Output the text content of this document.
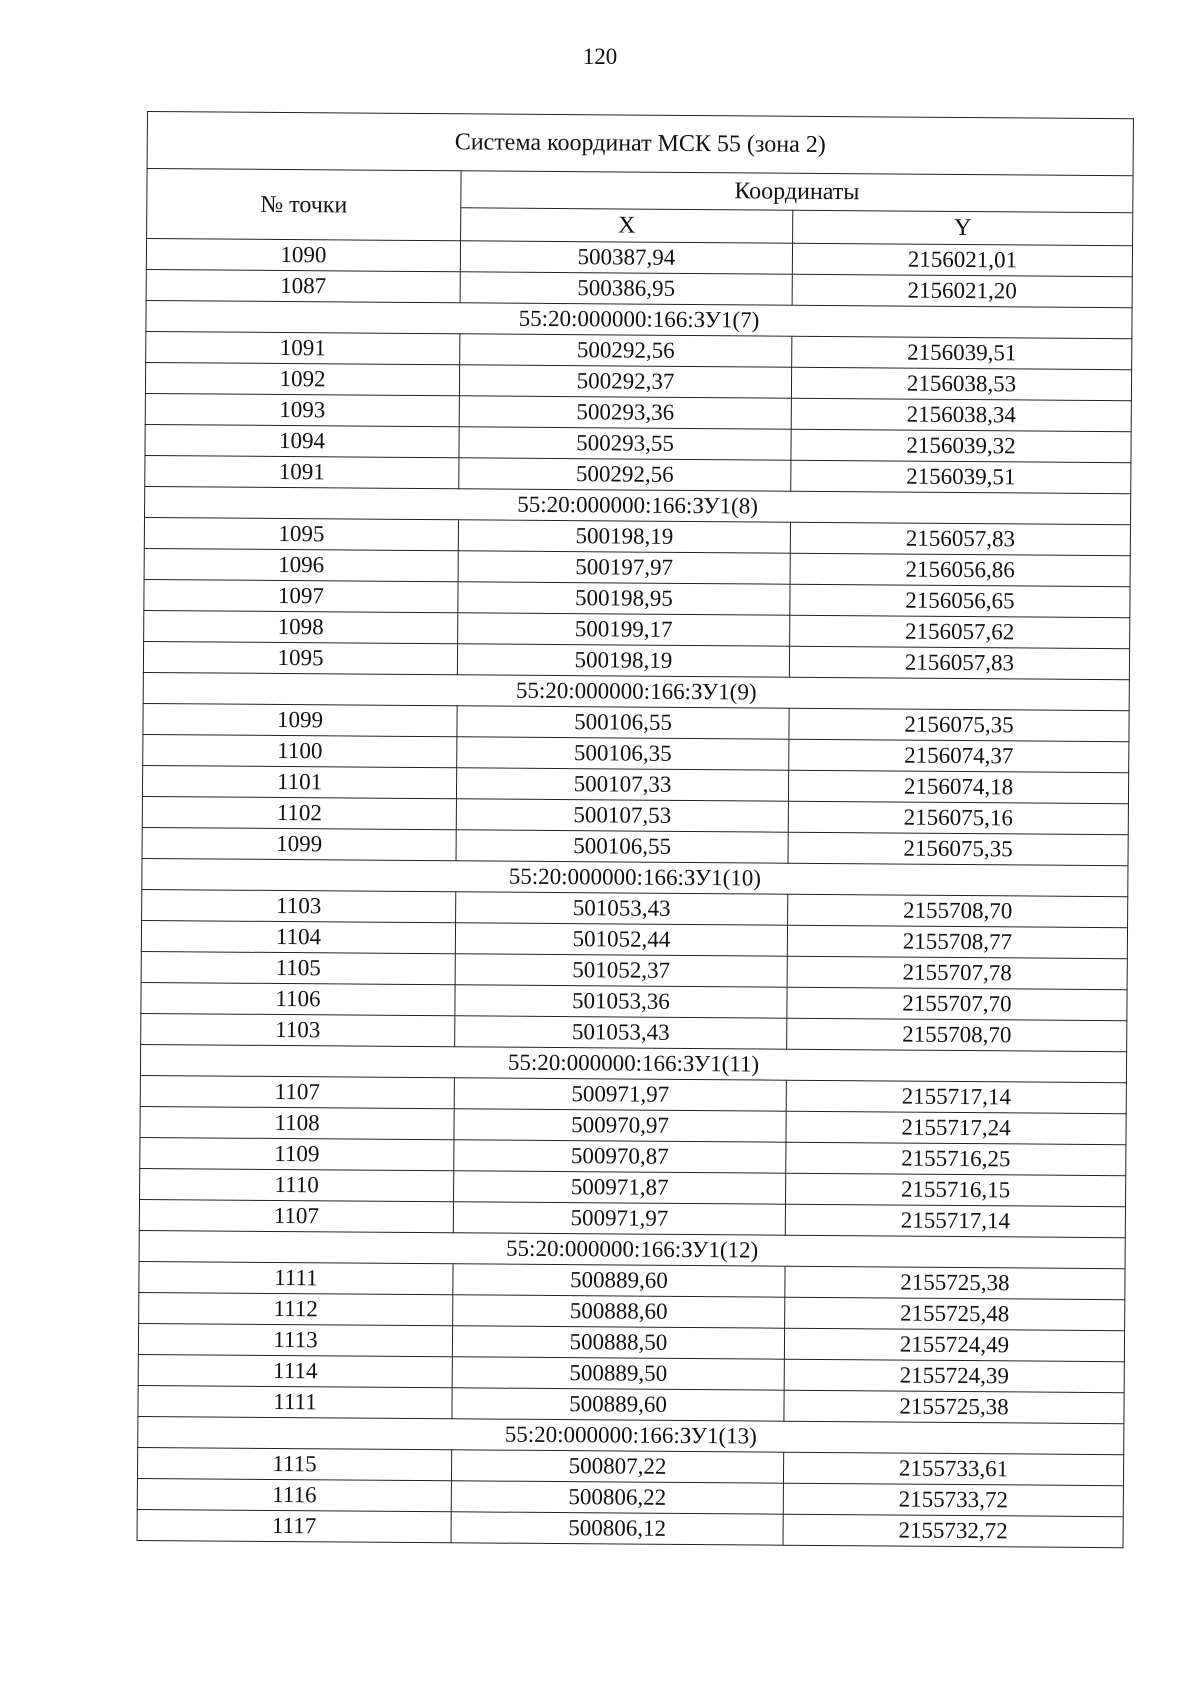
120
Система координат МСК 55 (зона 2)		
№ точки	Координаты	
	X	Y
1090	500387,94	2156021,01
1087	500386,95	2156021,20
55:20:000000:166:ЗУ1(7)		
1091	500292,56	2156039,51
1092	500292,37	2156038,53
1093	500293,36	2156038,34
1094	500293,55	2156039,32
1091	500292,56	2156039,51
55:20:000000:166:ЗУ1(8)		
1095	500198,19	2156057,83
1096	500197,97	2156056,86
1097	500198,95	2156056,65
1098	500199,17	2156057,62
1095	500198,19	2156057,83
55:20:000000:166:ЗУ1(9)		
1099	500106,55	2156075,35
1100	500106,35	2156074,37
1101	500107,33	2156074,18
1102	500107,53	2156075,16
1099	500106,55	2156075,35
55:20:000000:166:ЗУ1(10)		
1103	501053,43	2155708,70
1104	501052,44	2155708,77
1105	501052,37	2155707,78
1106	501053,36	2155707,70
1103	501053,43	2155708,70
55:20:000000:166:ЗУ1(11)		
1107	500971,97	2155717,14
1108	500970,97	2155717,24
1109	500970,87	2155716,25
1110	500971,87	2155716,15
1107	500971,97	2155717,14
55:20:000000:166:ЗУ1(12)		
1111	500889,60	2155725,38
1112	500888,60	2155725,48
1113	500888,50	2155724,49
1114	500889,50	2155724,39
1111	500889,60	2155725,38
55:20:000000:166:ЗУ1(13)		
1115	500807,22	2155733,61
1116	500806,22	2155733,72
1117	500806,12	2155732,72
